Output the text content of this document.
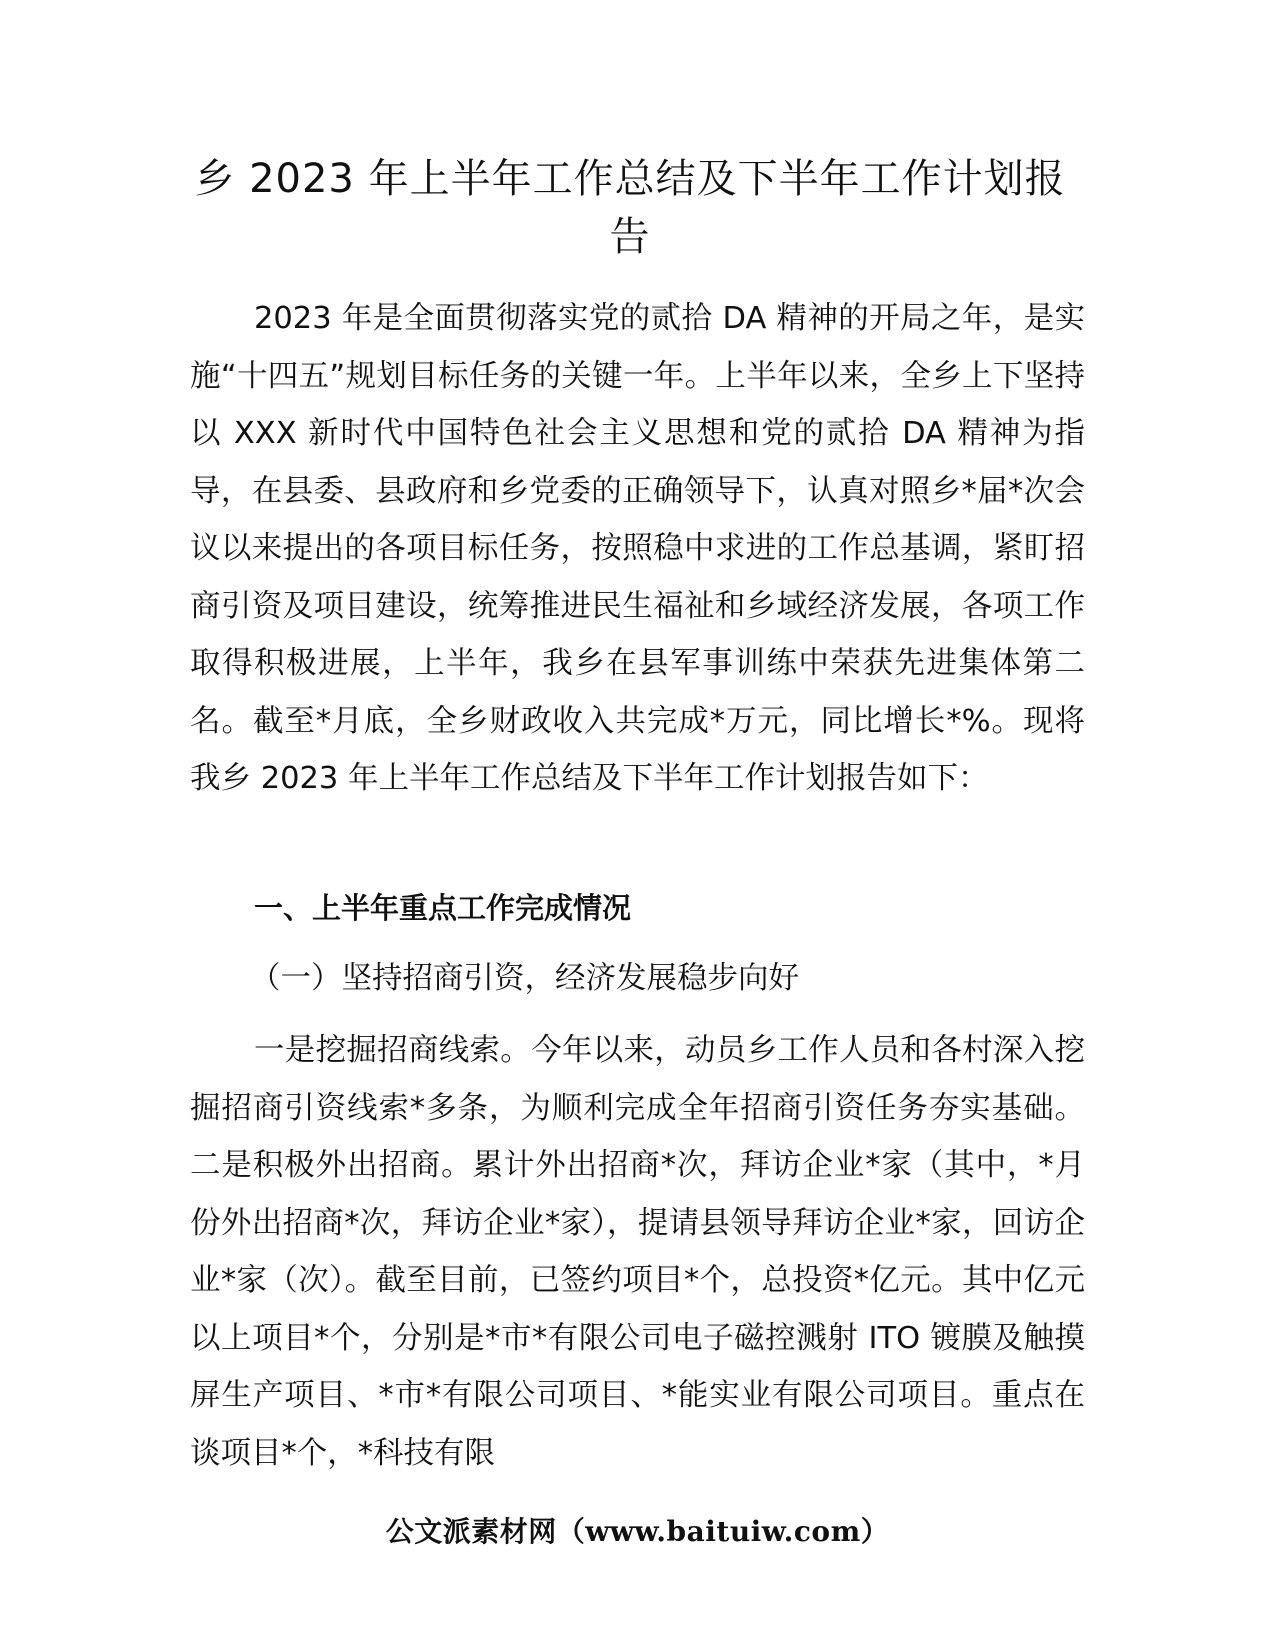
乡 2023 年上半年工作总结及下半年工作计划报告

2023 年是全面贯彻落实党的贰拾 DA 精神的开局之年，是实施“十四五”规划目标任务的关键一年。上半年以来，全乡上下坚持以 XXX 新时代中国特色社会主义思想和党的贰拾 DA 精神为指导，在县委、县政府和乡党委的正确领导下，认真对照乡*届*次会议以来提出的各项目标任务，按照稳中求进的工作总基调，紧盯招商引资及项目建设，统筹推进民生福祉和乡域经济发展，各项工作取得积极进展，上半年，我乡在县军事训练中荣获先进集体第二名。截至*月底，全乡财政收入共完成*万元，同比增长*%。现将我乡 2023 年上半年工作总结及下半年工作计划报告如下：

一、上半年重点工作完成情况

（一）坚持招商引资，经济发展稳步向好

一是挖掘招商线索。今年以来，动员乡工作人员和各村深入挖掘招商引资线索*多条，为顺利完成全年招商引资任务夯实基础。二是积极外出招商。累计外出招商*次，拜访企业*家（其中，*月份外出招商*次，拜访企业*家），提请县领导拜访企业*家，回访企业*家（次）。截至目前，已签约项目*个，总投资*亿元。其中亿元以上项目*个，分别是*市*有限公司电子磁控溅射 ITO 镀膜及触摸屏生产项目、*市*有限公司项目、*能实业有限公司项目。重点在谈项目*个，*科技有限

公文派素材网（www.baituiw.com）
